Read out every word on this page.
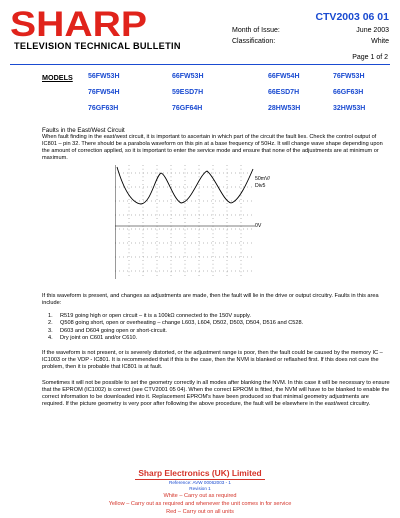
SHARP
TELEVISION TECHNICAL BULLETIN
CTV2003 06 01
Month of Issue:	June 2003
Classification:	White
Page 1 of 2
MODELS 56FW53H	66FW53H	66FW54H	76FW53H
76FW54H	59ESD7H	66ESD7H	66GF63H
76GF63H	76GF64H	28HW53H	32HW53H
Faults in the East/West Circuit
When fault finding in the east/west circuit, it is important to ascertain in which part of the circuit the fault lies. Check the control output of IC801 – pin 32. There should be a parabola waveform on this pin at a base frequency of 50Hz. It will change wave shape depending upon the amount of correction applied, so it is important to enter the service mode and ensure that none of the adjustments are at minimum or maximum.
50mV/
Div5
0V
If this waveform is present, and changes as adjustments are made, then the fault will lie in the drive or output circuitry. Faults in this area include:
1. R519 going high or open circuit – it is a 100kΩ connected to the 150V supply.
2. Q508 going short, open or overheating – change L603, L604, D502, D503, D504, D516 and C528.
3. D603 and D604 going open or short-circuit.
4. Dry joint on C601 and/or C610.
If the waveform is not present, or is severely distorted, or the adjustment range is poor, then the fault could be caused by the memory IC – IC1003 or the VDP - IC801. It is recommended that if this is the case, then the NVM is blanked or reflashed first. If this does not cure the problem, then it is probable that IC801 is at fault.
Sometimes it will not be possible to set the geometry correctly in all modes after blanking the NVM. In this case it will be necessary to ensure that the EPROM (IC1002) is correct (see CTV2001 05 04). When the correct EPROM is fitted, the NVM will have to be blanked to enable the correct information to be downloaded into it. Replacement EPROM's have been produced so that minimal geometry adjustments are required. If the picture geometry is very poor after following the above procedure, the fault will be elsewhere in the east/west circuitry.
Sharp Electronics (UK) Limited
Reference: AVW 00062003 - 1
Revision 1
White – Carry out as required
Yellow – Carry out as required and whenever the unit comes in for service
Red – Carry out on all units
